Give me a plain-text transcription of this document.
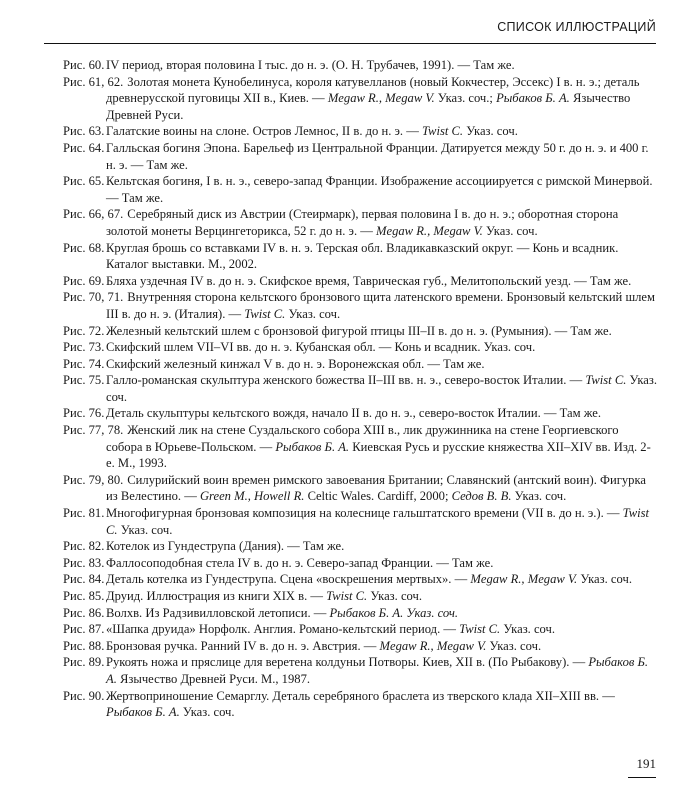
СПИСОК ИЛЛЮСТРАЦИЙ
Рис. 60. IV период, вторая половина I тыс. до н. э. (О. Н. Трубачев, 1991). — Там же.
Рис. 61, 62. Золотая монета Кунобелинуса, короля катувелланов (новый Кокчестер, Эссекс) I в. н. э.; деталь древнерусской пуговицы XII в., Киев. — Megaw R., Megaw V. Указ. соч.; Рыбаков Б. А. Язычество Древней Руси.
Рис. 63. Галатские воины на слоне. Остров Лемнос, II в. до н. э. — Twist C. Указ. соч.
Рис. 64. Галльская богиня Эпона. Барельеф из Центральной Франции. Датируется между 50 г. до н. э. и 400 г. н. э. — Там же.
Рис. 65. Кельтская богиня, I в. н. э., северо-запад Франции. Изображение ассоциируется с римской Минервой. — Там же.
Рис. 66, 67. Серебряный диск из Австрии (Стеирмарк), первая половина I в. до н. э.; оборотная сторона золотой монеты Верцингеторикса, 52 г. до н. э. — Megaw R., Megaw V. Указ. соч.
Рис. 68. Круглая брошь со вставками IV в. н. э. Терская обл. Владикавказский округ. — Конь и всадник. Каталог выставки. М., 2002.
Рис. 69. Бляха уздечная IV в. до н. э. Скифское время, Таврическая губ., Мелитопольский уезд. — Там же.
Рис. 70, 71. Внутренняя сторона кельтского бронзового щита латенского времени. Бронзовый кельтский шлем III в. до н. э. (Италия). — Twist C. Указ. соч.
Рис. 72. Железный кельтский шлем с бронзовой фигурой птицы III–II в. до н. э. (Румыния). — Там же.
Рис. 73. Скифский шлем VII–VI вв. до н. э. Кубанская обл. — Конь и всадник. Указ. соч.
Рис. 74. Скифский железный кинжал V в. до н. э. Воронежская обл. — Там же.
Рис. 75. Галло-романская скульптура женского божества II–III вв. н. э., северо-восток Италии. — Twist C. Указ. соч.
Рис. 76. Деталь скульптуры кельтского вождя, начало II в. до н. э., северо-восток Италии. — Там же.
Рис. 77, 78. Женский лик на стене Суздальского собора XIII в., лик дружинника на стене Георгиевского собора в Юрьеве-Польском. — Рыбаков Б. А. Киевская Русь и русские княжества XII–XIV вв. Изд. 2-е. М., 1993.
Рис. 79, 80. Силурийский воин времен римского завоевания Британии; Славянский (антский воин). Фигурка из Велестино. — Green M., Howell R. Celtic Wales. Cardiff, 2000; Седов В. В. Указ. соч.
Рис. 81. Многофигурная бронзовая композиция на колеснице гальштатского времени (VII в. до н. э.). — Twist C. Указ. соч.
Рис. 82. Котелок из Гундеструпа (Дания). — Там же.
Рис. 83. Фаллосоподобная стела IV в. до н. э. Северо-запад Франции. — Там же.
Рис. 84. Деталь котелка из Гундеструпа. Сцена «воскрешения мертвых». — Megaw R., Megaw V. Указ. соч.
Рис. 85. Друид. Иллюстрация из книги XIX в. — Twist C. Указ. соч.
Рис. 86. Волхв. Из Радзивилловской летописи. — Рыбаков Б. А. Указ. соч.
Рис. 87. «Шапка друида» Норфолк. Англия. Романо-кельтский период. — Twist C. Указ. соч.
Рис. 88. Бронзовая ручка. Ранний IV в. до н. э. Австрия. — Megaw R., Megaw V. Указ. соч.
Рис. 89. Рукоять ножа и пряслице для веретена колдуньи Потворы. Киев, XII в. (По Рыбакову). — Рыбаков Б. А. Язычество Древней Руси. М., 1987.
Рис. 90. Жертвоприношение Семарглу. Деталь серебряного браслета из тверского клада XII–XIII вв. — Рыбаков Б. А. Указ. соч.
191
